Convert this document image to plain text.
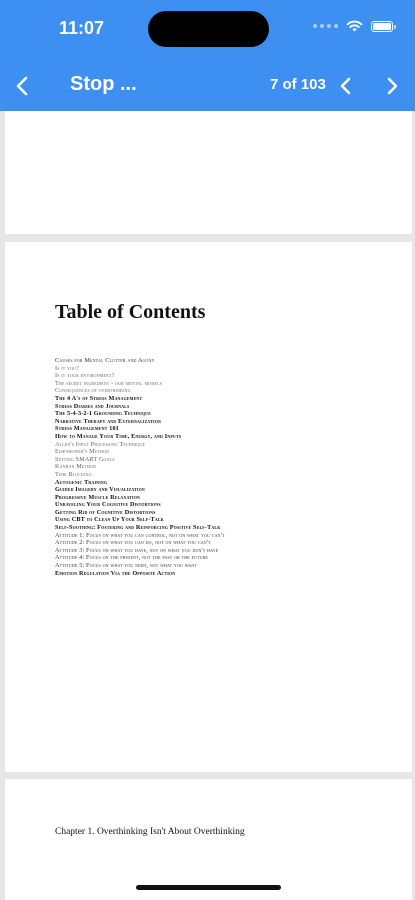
11:07
Stop ...	7 of 103
Table of Contents
Causes for Mental Clutter and Agony
Is it you?
Is it your environment?
The secret ingredient - our mental models
Consequences of overthinking
The 4 A's of Stress Management
Stress Diaries and Journals
The 5-4-3-2-1 Grounding Technique
Narrative Therapy and Externalization
Stress Management 101
How to Manage Your Time, Energy, and Inputs
Allen's Input Processing Technique
Eisenhower's Method
Setting SMART Goals
Kanban Method
Time Blocking
Autogenic Training
Guided Imagery and Visualization
Progressive Muscle Relaxation
Unraveling Your Cognitive Distortions
Getting Rid of Cognitive Distortions
Using CBT to Clean Up Your Self-Talk
Self-Soothing: Fostering and Reinforcing Positive Self-Talk
Attitude 1: Focus on what you can control, not on what you can't
Attitude 2: Focus on what you can do, not on what you can't
Attitude 3: Focus on what you have, not on what you don't have
Attitude 4: Focus on the present, not the past or the future
Attitude 5: Focus on what you need, not what you want
Emotion Regulation Via the Opposite Action
Chapter 1. Overthinking Isn't About Overthinking
